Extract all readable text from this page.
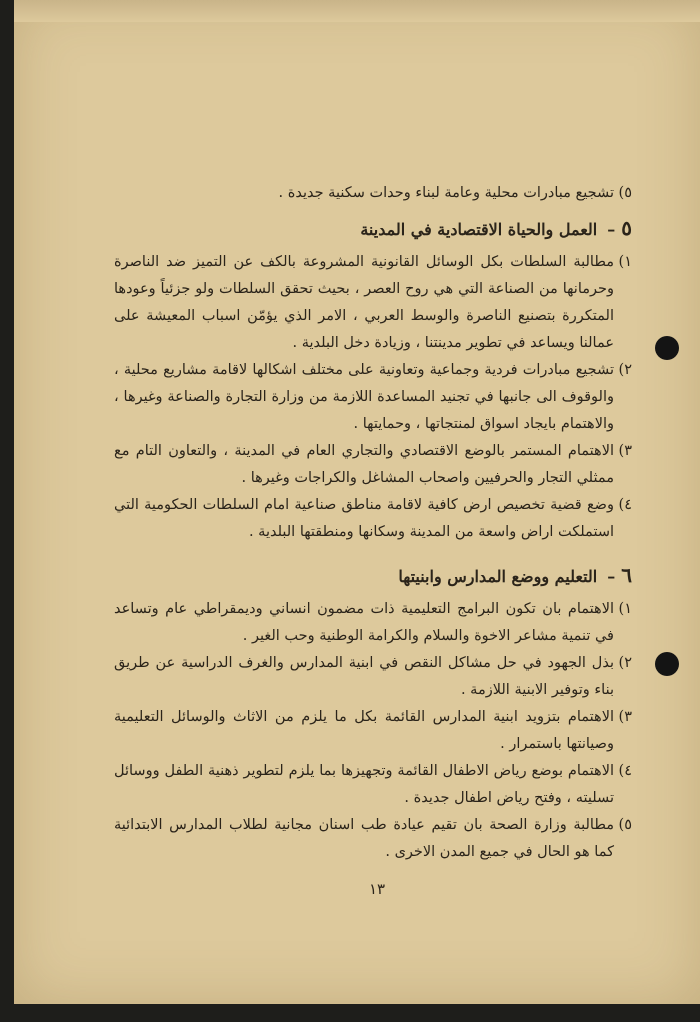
٥)
تشجيع مبادرات محلية وعامة لبناء وحدات سكنية جديدة .
٥
–
العمل والحياة الاقتصادية في المدينة
١)
مطالبة السلطات بكل الوسائل القانونية المشروعة بالكف عن التميز ضد الناصرة وحرمانها من الصناعة التي هي روح العصر ، بحيث تحقق السلطات ولو جزئياً وعودها المتكررة بتصنيع الناصرة والوسط العربي ، الامر الذي يؤمّن اسباب المعيشة على عمالنا ويساعد في تطوير مدينتنا ، وزيادة دخل البلدية .
٢)
تشجيع مبادرات فردية وجماعية وتعاونية على مختلف اشكالها لاقامة مشاريع محلية ، والوقوف الى جانبها في تجنيد المساعدة اللازمة من وزارة التجارة والصناعة وغيرها ، والاهتمام بايجاد اسواق لمنتجاتها ، وحمايتها .
٣)
الاهتمام المستمر بالوضع الاقتصادي والتجاري العام في المدينة ، والتعاون التام مع ممثلي التجار والحرفيين واصحاب المشاغل والكراجات وغيرها .
٤)
وضع قضية تخصيص ارض كافية لاقامة مناطق صناعية امام السلطات الحكومية التي استملكت اراض واسعة من المدينة وسكانها ومنطقتها البلدية .
٦
–
التعليم ووضع المدارس وابنيتها
١)
الاهتمام بان تكون البرامج التعليمية ذات مضمون انساني وديمقراطي عام وتساعد في تنمية مشاعر الاخوة والسلام والكرامة الوطنية وحب الغير .
٢)
بذل الجهود في حل مشاكل النقص في ابنية المدارس والغرف الدراسية عن طريق بناء وتوفير الابنية اللازمة .
٣)
الاهتمام بتزويد ابنية المدارس القائمة بكل ما يلزم من الاثاث والوسائل التعليمية وصيانتها باستمرار .
٤)
الاهتمام بوضع رياض الاطفال القائمة وتجهيزها بما يلزم لتطوير ذهنية الطفل ووسائل تسليته ، وفتح رياض اطفال جديدة .
٥)
مطالبة وزارة الصحة بان تقيم عيادة طب اسنان مجانية لطلاب المدارس الابتدائية كما هو الحال في جميع المدن الاخرى .
١٣
